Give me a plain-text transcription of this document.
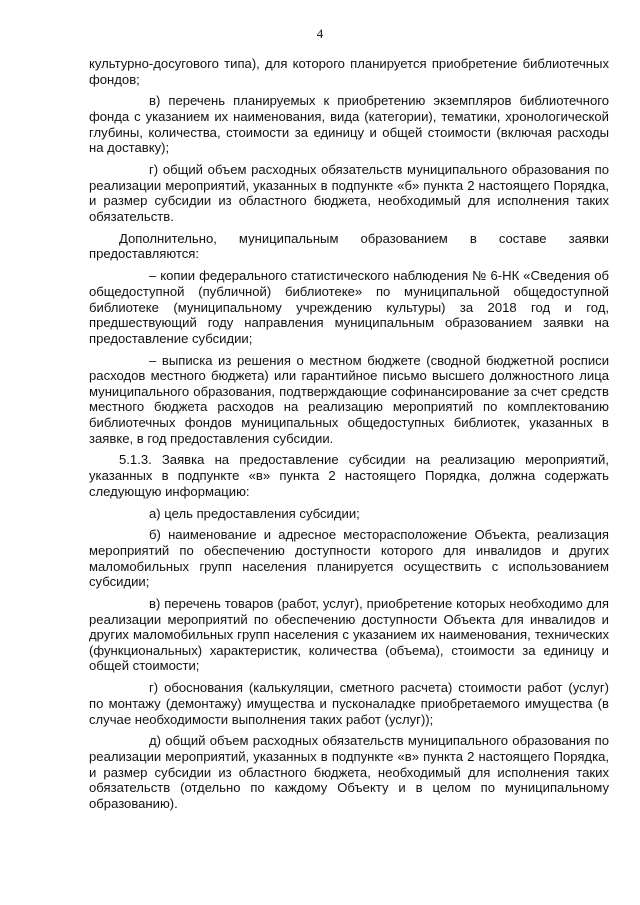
4

культурно-досугового типа), для которого планируется приобретение библиотечных фондов;

в) перечень планируемых к приобретению экземпляров библиотечного фонда с указанием их наименования, вида (категории), тематики, хронологической глубины, количества, стоимости за единицу и общей стоимости (включая расходы на доставку);

г) общий объем расходных обязательств муниципального образования по реализации мероприятий, указанных в подпункте «б» пункта 2 настоящего Порядка, и размер субсидии из областного бюджета, необходимый для исполнения таких обязательств.

Дополнительно, муниципальным образованием в составе заявки предоставляются:

– копии федерального статистического наблюдения № 6-НК «Сведения об общедоступной (публичной) библиотеке» по муниципальной общедоступной библиотеке (муниципальному учреждению культуры) за 2018 год и год, предшествующий году направления муниципальным образованием заявки на предоставление субсидии;

– выписка из решения о местном бюджете (сводной бюджетной росписи расходов местного бюджета) или гарантийное письмо высшего должностного лица муниципального образования, подтверждающие софинансирование за счет средств местного бюджета расходов на реализацию мероприятий по комплектованию библиотечных фондов муниципальных общедоступных библиотек, указанных в заявке, в год предоставления субсидии.

5.1.3. Заявка на предоставление субсидии на реализацию мероприятий, указанных в подпункте «в» пункта 2 настоящего Порядка, должна содержать следующую информацию:

а) цель предоставления субсидии;

б) наименование и адресное месторасположение Объекта, реализация мероприятий по обеспечению доступности которого для инвалидов и других маломобильных групп населения планируется осуществить с использованием субсидии;

в) перечень товаров (работ, услуг), приобретение которых необходимо для реализации мероприятий по обеспечению доступности Объекта для инвалидов и других маломобильных групп населения с указанием их наименования, технических (функциональных) характеристик, количества (объема), стоимости за единицу и общей стоимости;

г) обоснования (калькуляции, сметного расчета) стоимости работ (услуг) по монтажу (демонтажу) имущества и пусконаладке приобретаемого имущества (в случае необходимости выполнения таких работ (услуг));

д) общий объем расходных обязательств муниципального образования по реализации мероприятий, указанных в подпункте «в» пункта 2 настоящего Порядка, и размер субсидии из областного бюджета, необходимый для исполнения таких обязательств (отдельно по каждому Объекту и в целом по муниципальному образованию).
